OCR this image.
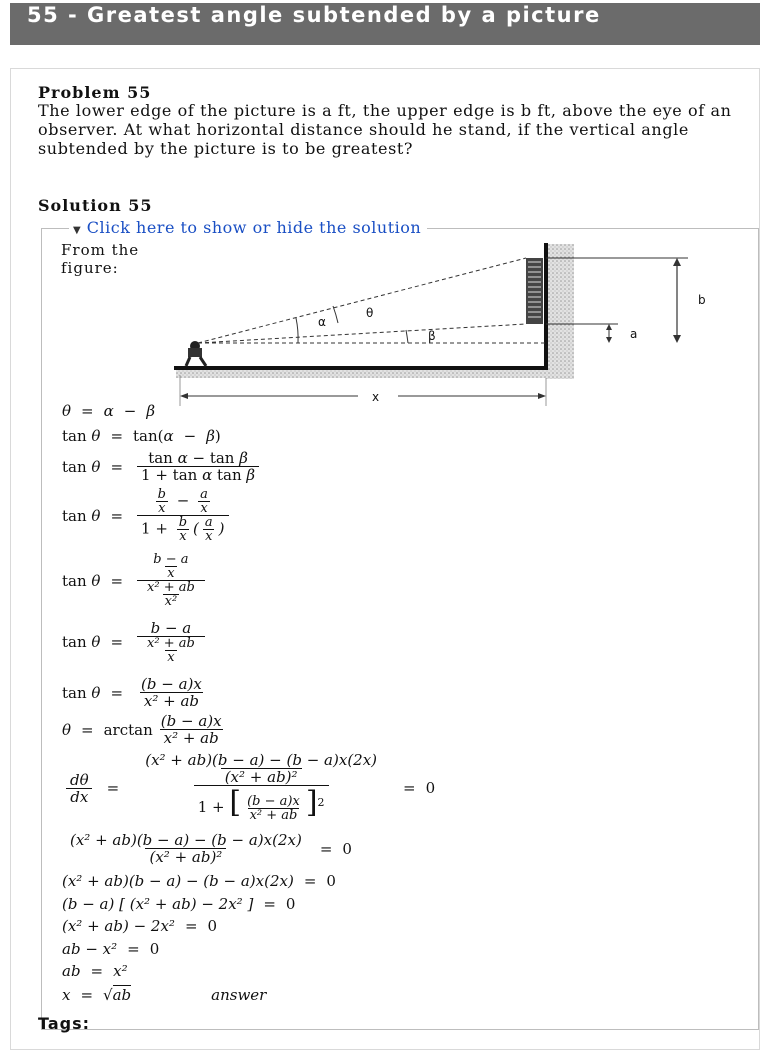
55 - Greatest angle subtended by a picture
Problem 55
The lower edge of the picture is a ft, the upper edge is b ft, above the eye of an observer. At what horizontal distance should he stand, if the vertical angle subtended by the picture is to be greatest?
Solution 55
▼ Click here to show or hide the solution
From the figure:
α
θ
β
b
a
x
θ = α − β
tan θ = tan( α − β )
$\tan \theta = \frac{\text{tan α − tan β}}{\text{1 + tan α tan β}}$
$\tan \theta = \frac{\frac{b}{x} - \frac{a}{x}}{1 + \frac{b}{x} ( \frac{a}{x} )}$
$\tan \theta = \frac{\frac{b - a}{x}}{\frac{\text{x² + ab}}{\text{x²}}}$
$\tan \theta = \frac{b - a}{\frac{\text{x² + ab}}{x}}$
$\tan \theta = \frac{(b - a)x}{\text{x² + ab}}$
$\theta = \arctan \frac{(b - a)x}{\text{x² + ab}}$
$\frac{d\theta}{dx} = \frac{\frac{\text{(x² + ab)(b − a) − (b − a)x(2x)}}{\text{(x² + ab)²}}}{1 + [ \frac{(b - a)x}{\text{x² + ab}} ]^2} = 0$
$\frac{\text{(x² + ab)(b − a) − (b − a)x(2x)}}{\text{(x² + ab)²}} = 0$
(x² + ab)(b − a) − (b − a)x(2x) = 0
(b − a) [ (x² + ab) − 2x² ] = 0
(x² + ab) − 2x² = 0
ab − x² = 0
ab = x²
x = √ ab	answer
Tags:
